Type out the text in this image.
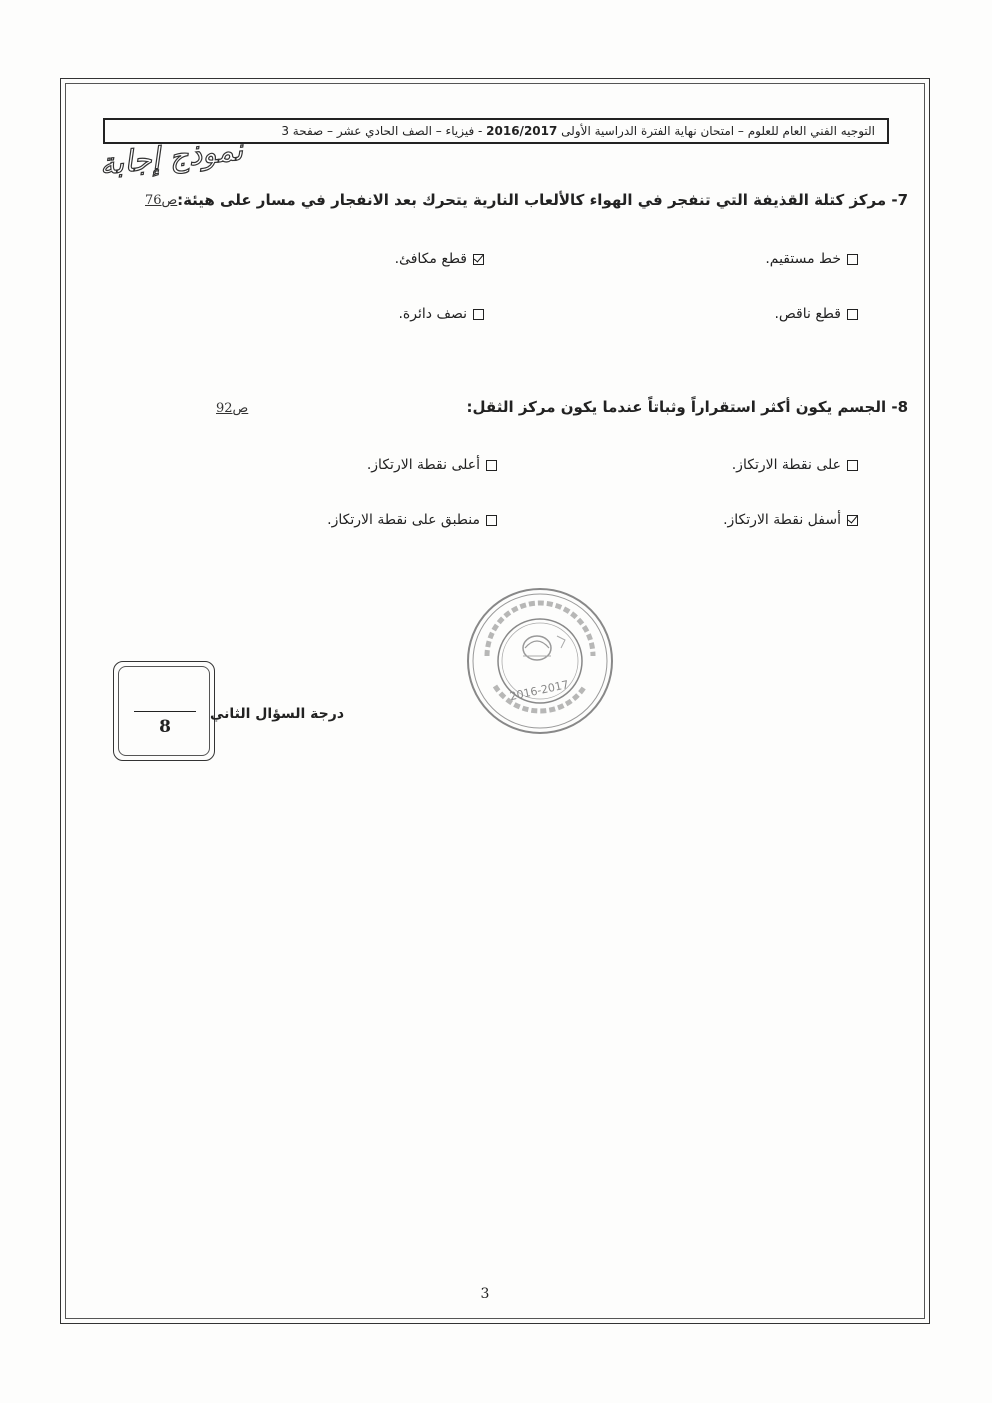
التوجيه الفني العام للعلوم – امتحان نهاية الفترة الدراسية الأولى

2016/2017

- فيزياء – الصف الحادي عشر – صفحة 3
نموذج إجابة
7- مركز كتلة القذيفة التي تنفجر في الهواء كالألعاب النارية يتحرك بعد الانفجار في مسار على هيئة:
ص76
خط مستقيم.
قطع مكافئ.
قطع ناقص.
نصف دائرة.
8- الجسم يكون أكثر استقراراً وثباتاً عندما يكون مركز الثقل:
ص92
على نقطة الارتكاز.
أعلى نقطة الارتكاز.
أسفل نقطة الارتكاز.
منطبق على نقطة الارتكاز.
2016-2017
8
درجة السؤال الثاني
3
